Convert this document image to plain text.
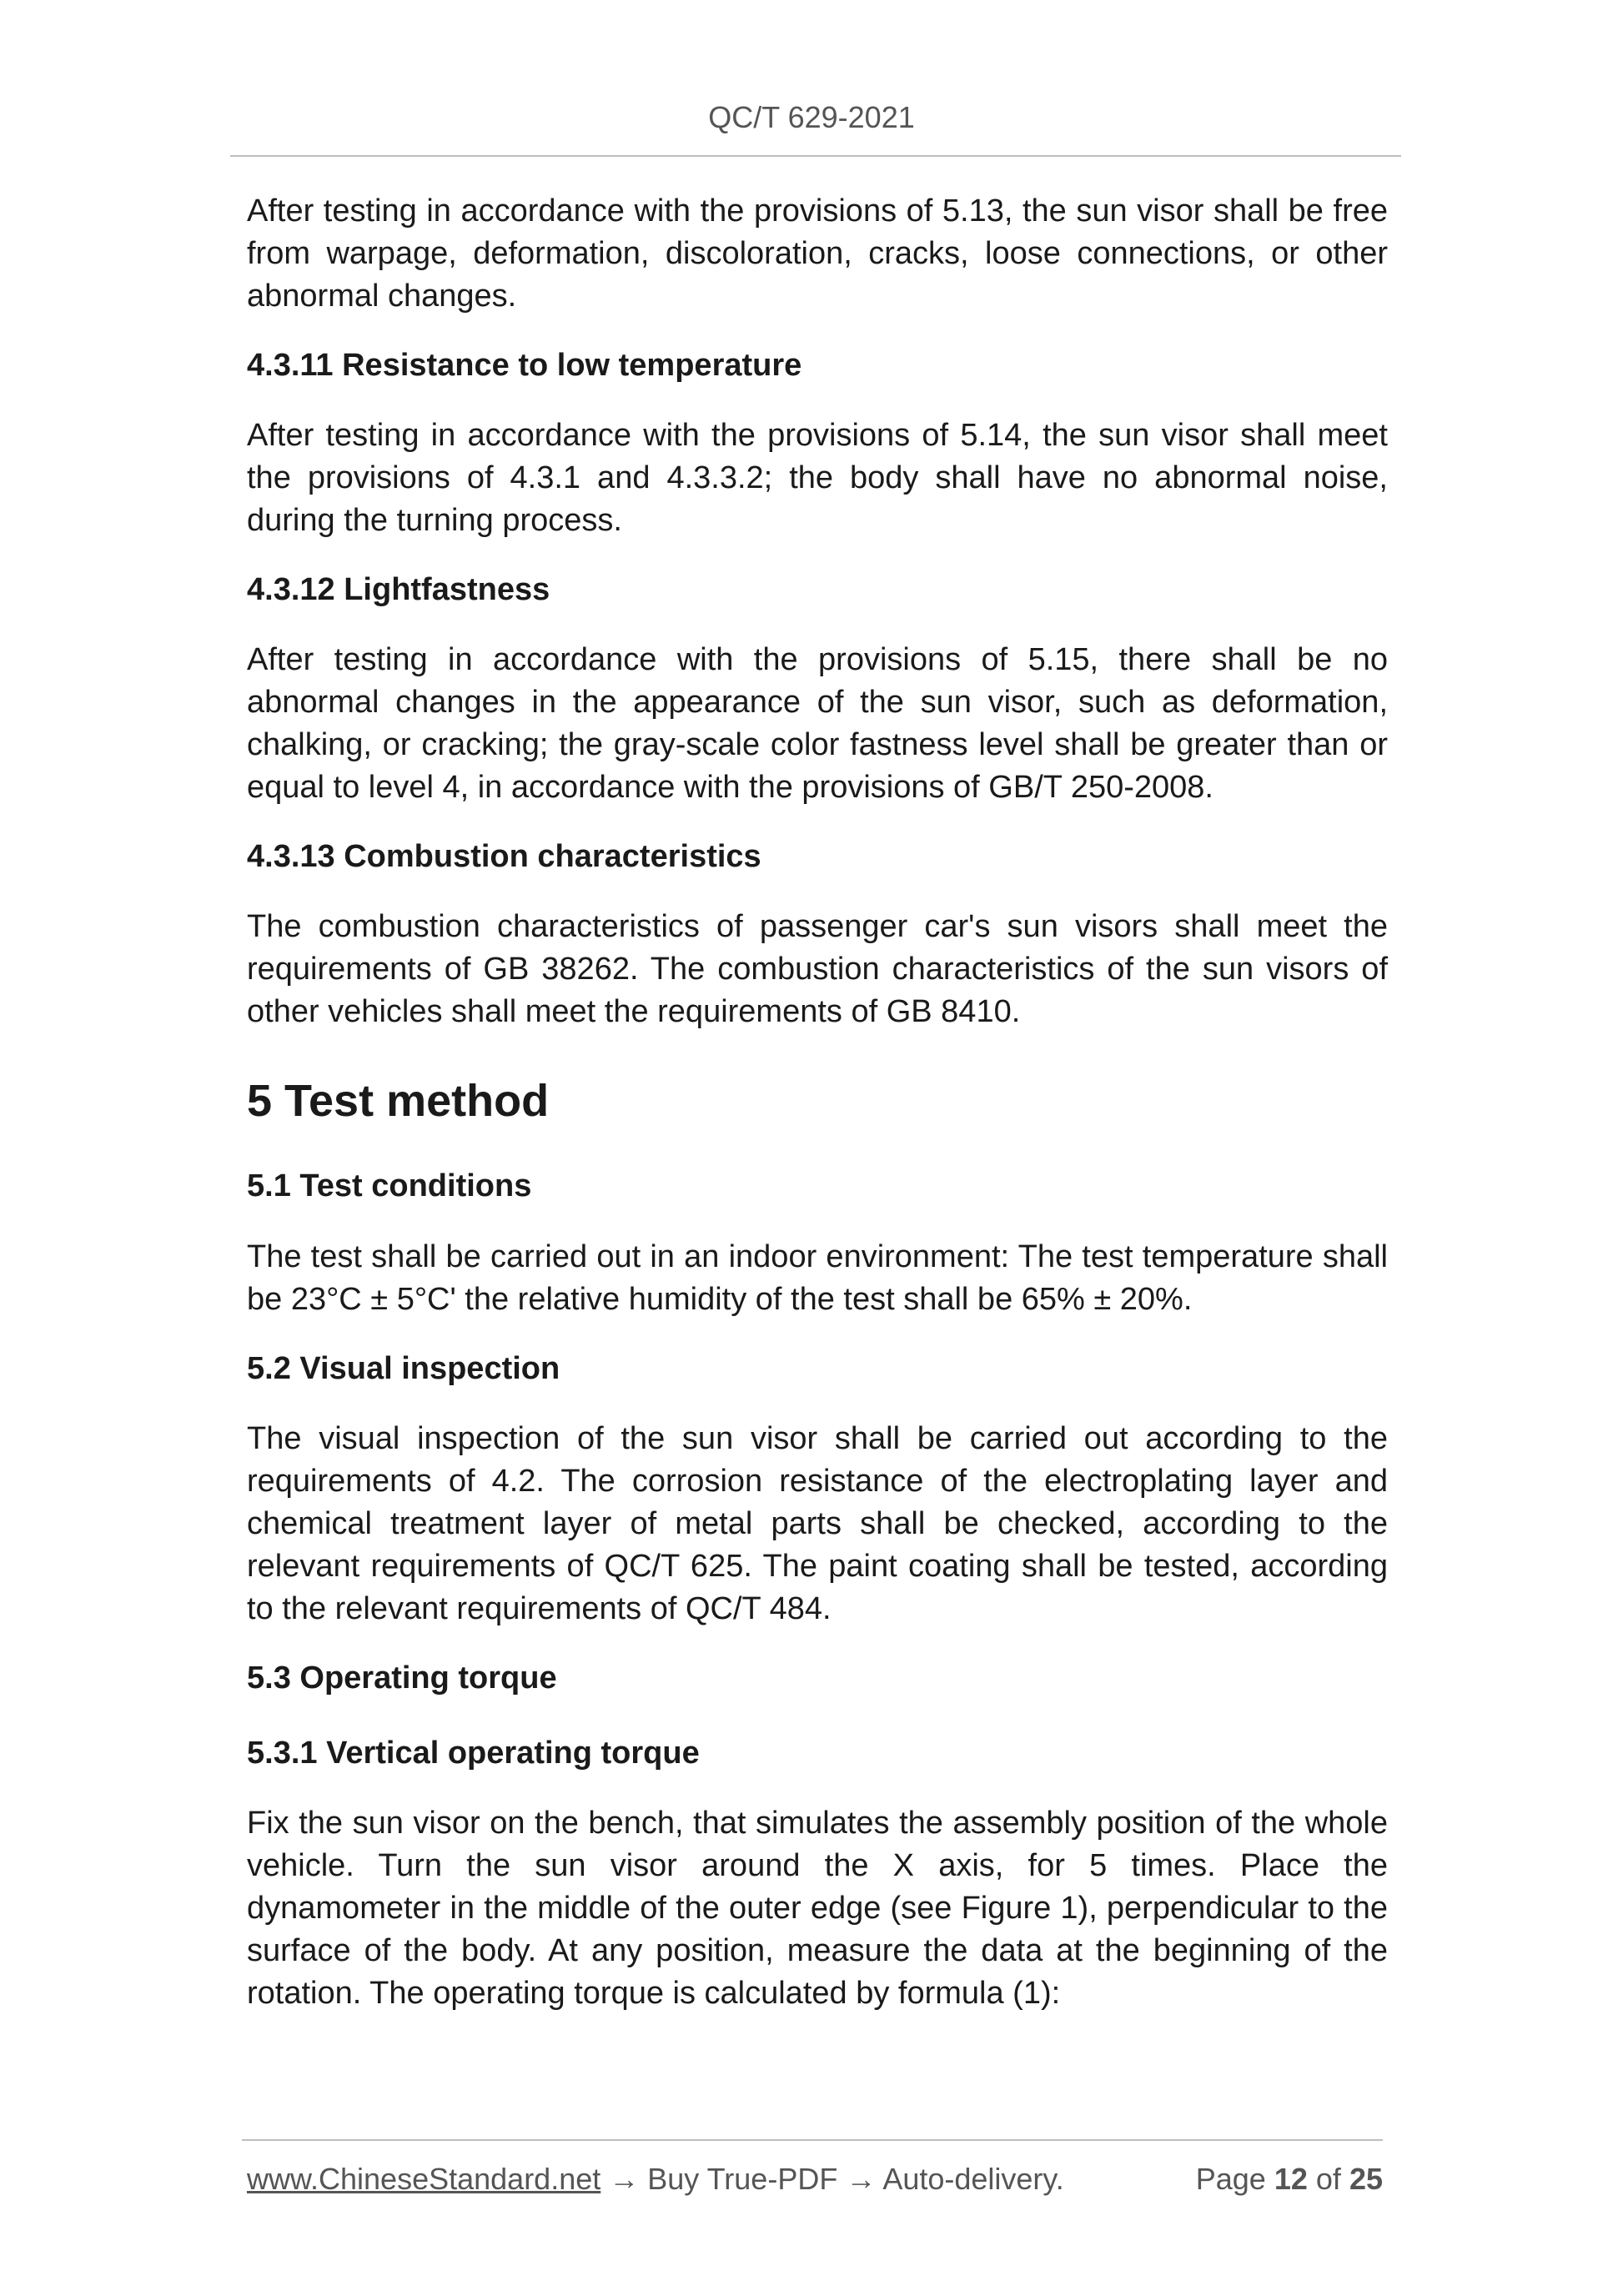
QC/T 629-2021

After testing in accordance with the provisions of 5.13, the sun visor shall be free from warpage, deformation, discoloration, cracks, loose connections, or other abnormal changes.

4.3.11 Resistance to low temperature

After testing in accordance with the provisions of 5.14, the sun visor shall meet the provisions of 4.3.1 and 4.3.3.2; the body shall have no abnormal noise, during the turning process.

4.3.12 Lightfastness

After testing in accordance with the provisions of 5.15, there shall be no abnormal changes in the appearance of the sun visor, such as deformation, chalking, or cracking; the gray-scale color fastness level shall be greater than or equal to level 4, in accordance with the provisions of GB/T 250-2008.

4.3.13 Combustion characteristics

The combustion characteristics of passenger car's sun visors shall meet the requirements of GB 38262. The combustion characteristics of the sun visors of other vehicles shall meet the requirements of GB 8410.

5 Test method

5.1 Test conditions

The test shall be carried out in an indoor environment: The test temperature shall be 23°C ± 5°C' the relative humidity of the test shall be 65% ± 20%.

5.2 Visual inspection

The visual inspection of the sun visor shall be carried out according to the requirements of 4.2. The corrosion resistance of the electroplating layer and chemical treatment layer of metal parts shall be checked, according to the relevant requirements of QC/T 625. The paint coating shall be tested, according to the relevant requirements of QC/T 484.

5.3 Operating torque

5.3.1 Vertical operating torque

Fix the sun visor on the bench, that simulates the assembly position of the whole vehicle. Turn the sun visor around the X axis, for 5 times. Place the dynamometer in the middle of the outer edge (see Figure 1), perpendicular to the surface of the body. At any position, measure the data at the beginning of the rotation. The operating torque is calculated by formula (1):

www.ChineseStandard.net → Buy True-PDF → Auto-delivery.	Page 12 of 25
